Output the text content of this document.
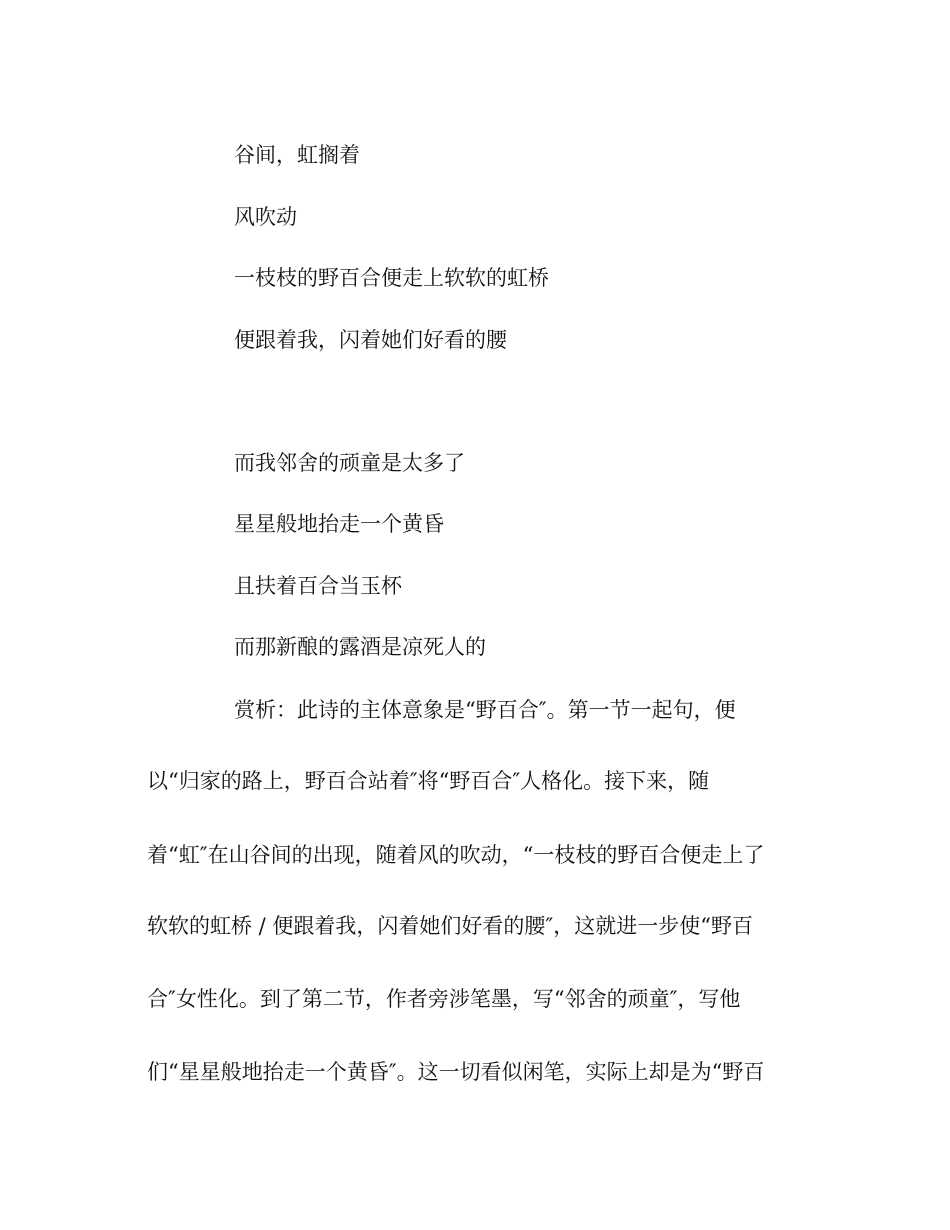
谷间，虹搁着
风吹动
一枝枝的野百合便走上软软的虹桥
便跟着我，闪着她们好看的腰
而我邻舍的顽童是太多了
星星般地抬走一个黄昏
且扶着百合当玉杯
而那新酿的露酒是凉死人的
赏析：此诗的主体意象是“野百合″。第一节一起句，便
以“归家的路上，野百合站着″将“野百合″人格化。接下来，随
着“虹″在山谷间的出现，随着风的吹动，“一枝枝的野百合便走上了
软软的虹桥 / 便跟着我，闪着她们好看的腰″，这就进一步使“野百
合″女性化。到了第二节，作者旁涉笔墨，写“邻舍的顽童″，写他
们“星星般地抬走一个黄昏″。这一切看似闲笔，实际上却是为“野百
